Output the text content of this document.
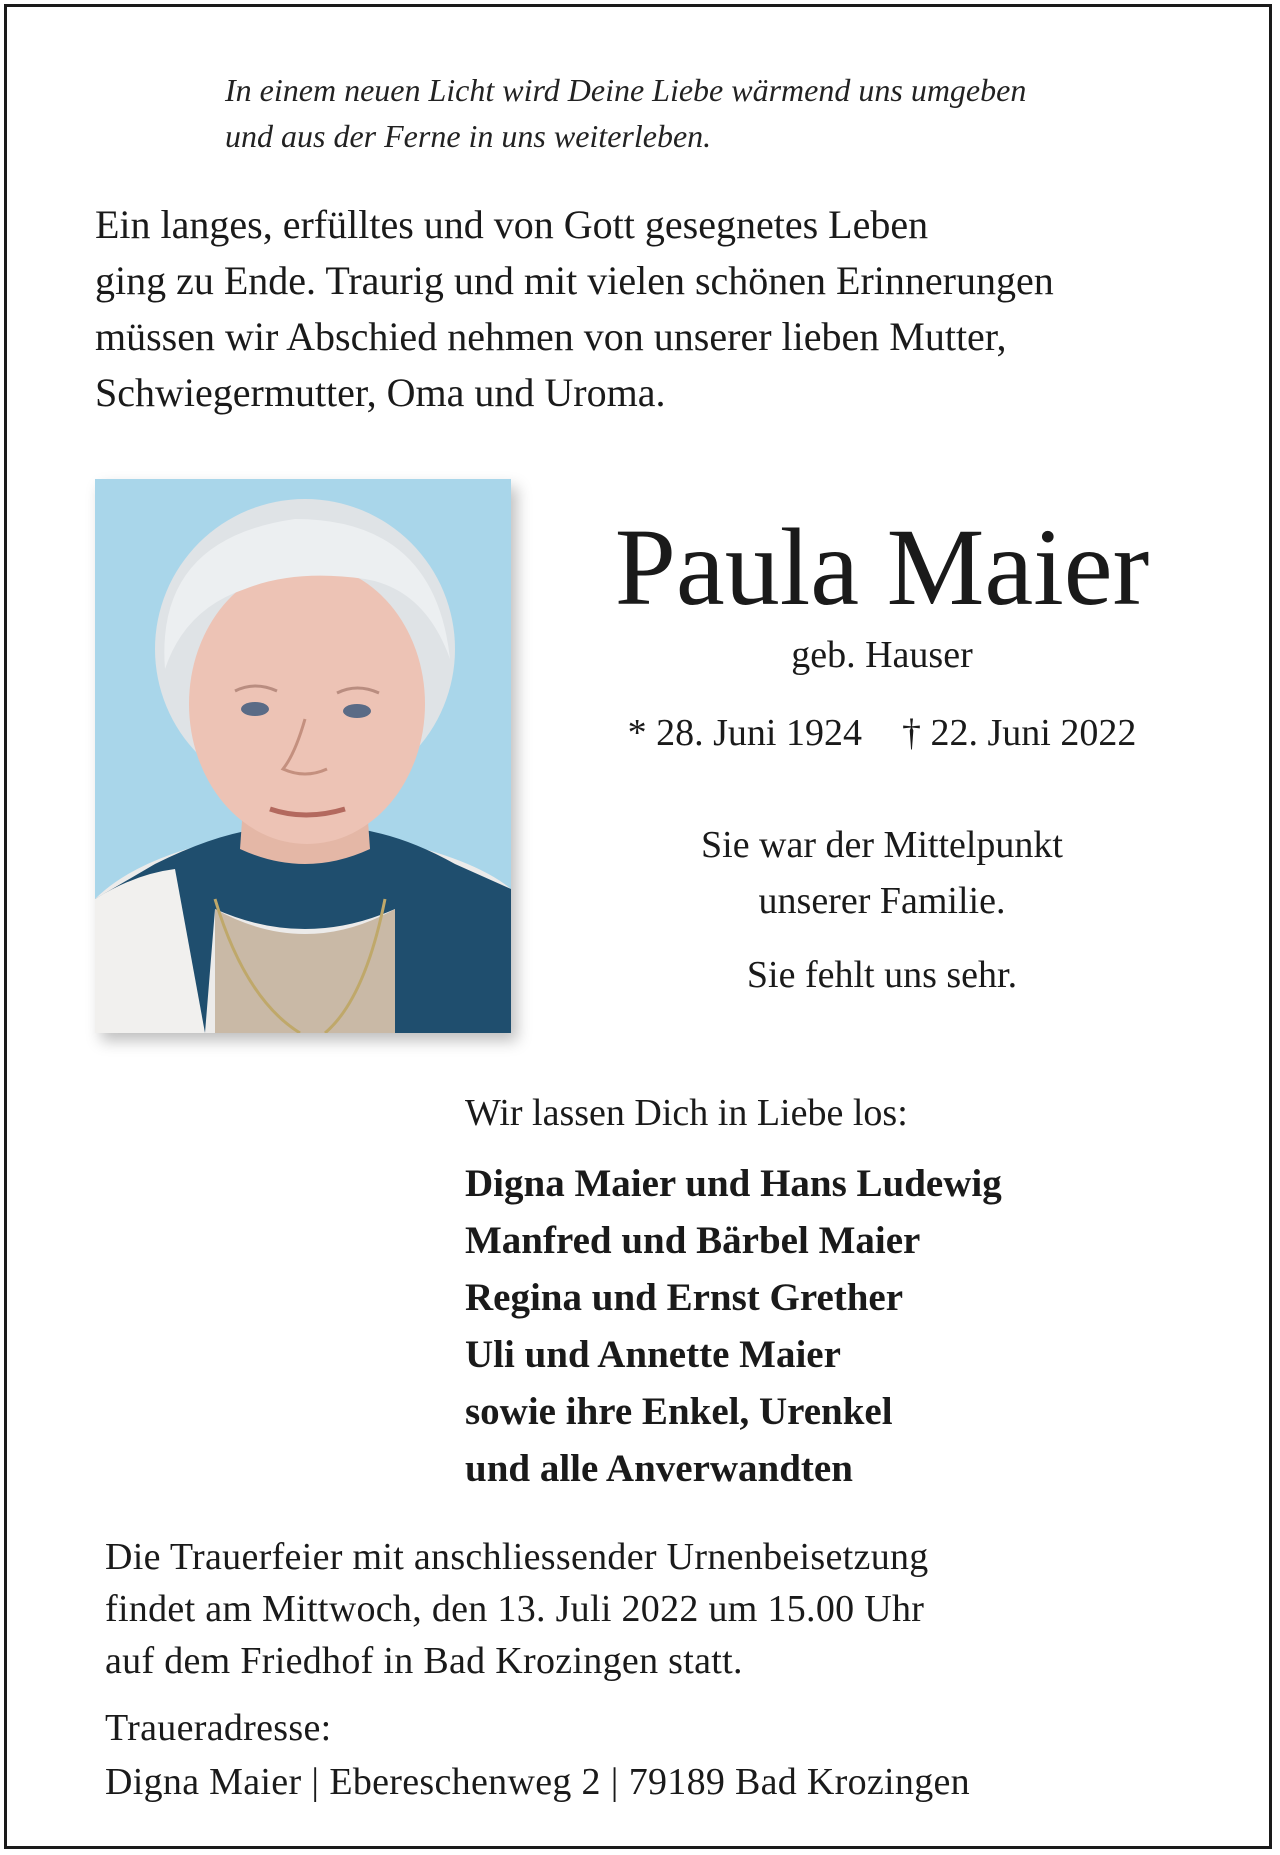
In einem neuen Licht wird Deine Liebe wärmend uns umgeben
und aus der Ferne in uns weiterleben.
Ein langes, erfülltes und von Gott gesegnetes Leben
ging zu Ende. Traurig und mit vielen schönen Erinnerungen
müssen wir Abschied nehmen von unserer lieben Mutter,
Schwiegermutter, Oma und Uroma.
Paula Maier
geb. Hauser
* 28. Juni 1924 † 22. Juni 2022
Sie war der Mittelpunkt
unserer Familie.
Sie fehlt uns sehr.
Wir lassen Dich in Liebe los:
Digna Maier und Hans Ludewig
Manfred und Bärbel Maier
Regina und Ernst Grether
Uli und Annette Maier
sowie ihre Enkel, Urenkel
und alle Anverwandten
Die Trauerfeier mit anschliessender Urnenbeisetzung
findet am Mittwoch, den 13. Juli 2022 um 15.00 Uhr
auf dem Friedhof in Bad Krozingen statt.
Traueradresse:
Digna Maier | Ebereschenweg 2 | 79189 Bad Krozingen
